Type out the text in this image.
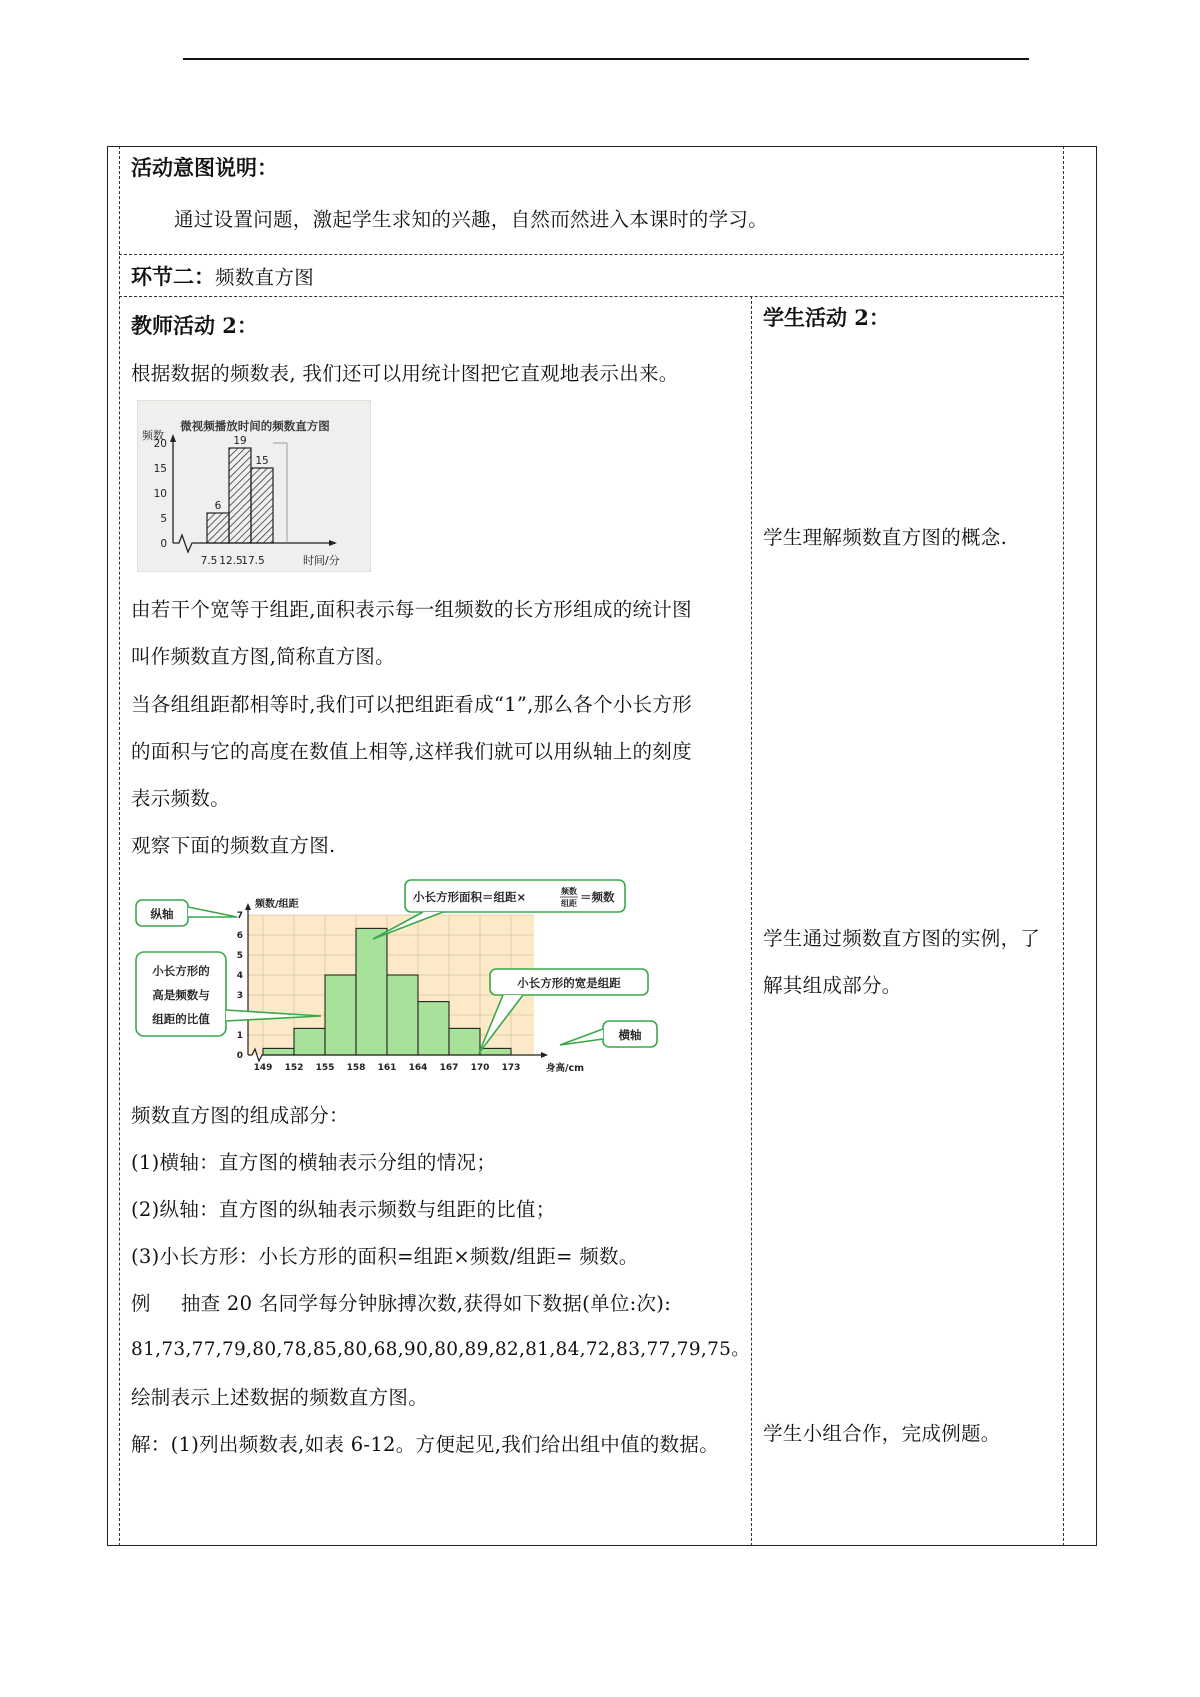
活动意图说明：
通过设置问题，激起学生求知的兴趣，自然而然进入本课时的学习。
环节二：频数直方图
教师活动 2：
根据数据的频数表, 我们还可以用统计图把它直观地表示出来。
微视频播放时间的频数直方图
频数
0
5
10
15
20
6
19
15
7.5 12.5
17.5	时间/分
由若干个宽等于组距,面积表示每一组频数的长方形组成的统计图
叫作频数直方图,简称直方图。
当各组组距都相等时,我们可以把组距看成“1”,那么各个小长方形
的面积与它的高度在数值上相等,这样我们就可以用纵轴上的刻度
表示频数。
观察下面的频数直方图.
0
1
3
4
5
6
7
149 152 155 158 161 164 167 170 173
频数/组距
身高/cm
纵轴
小长方形的
高是频数与
组距的比值
小长方形面积＝组距×	频数
组距 ＝频数
小长方形的宽是组距
横轴
频数直方图的组成部分：
(1)横轴：直方图的横轴表示分组的情况；
(2)纵轴：直方图的纵轴表示频数与组距的比值；
(3)小长方形：小长方形的面积=组距×频数/组距= 频数。
例 抽查 20 名同学每分钟脉搏次数,获得如下数据(单位:次):
81,73,77,79,80,78,85,80,68,90,80,89,82,81,84,72,83,77,79,75。
绘制表示上述数据的频数直方图。
解：(1)列出频数表,如表 6-12。方便起见,我们给出组中值的数据。
学生活动 2：
学生理解频数直方图的概念.
学生通过频数直方图的实例，了
解其组成部分。
学生小组合作，完成例题。
